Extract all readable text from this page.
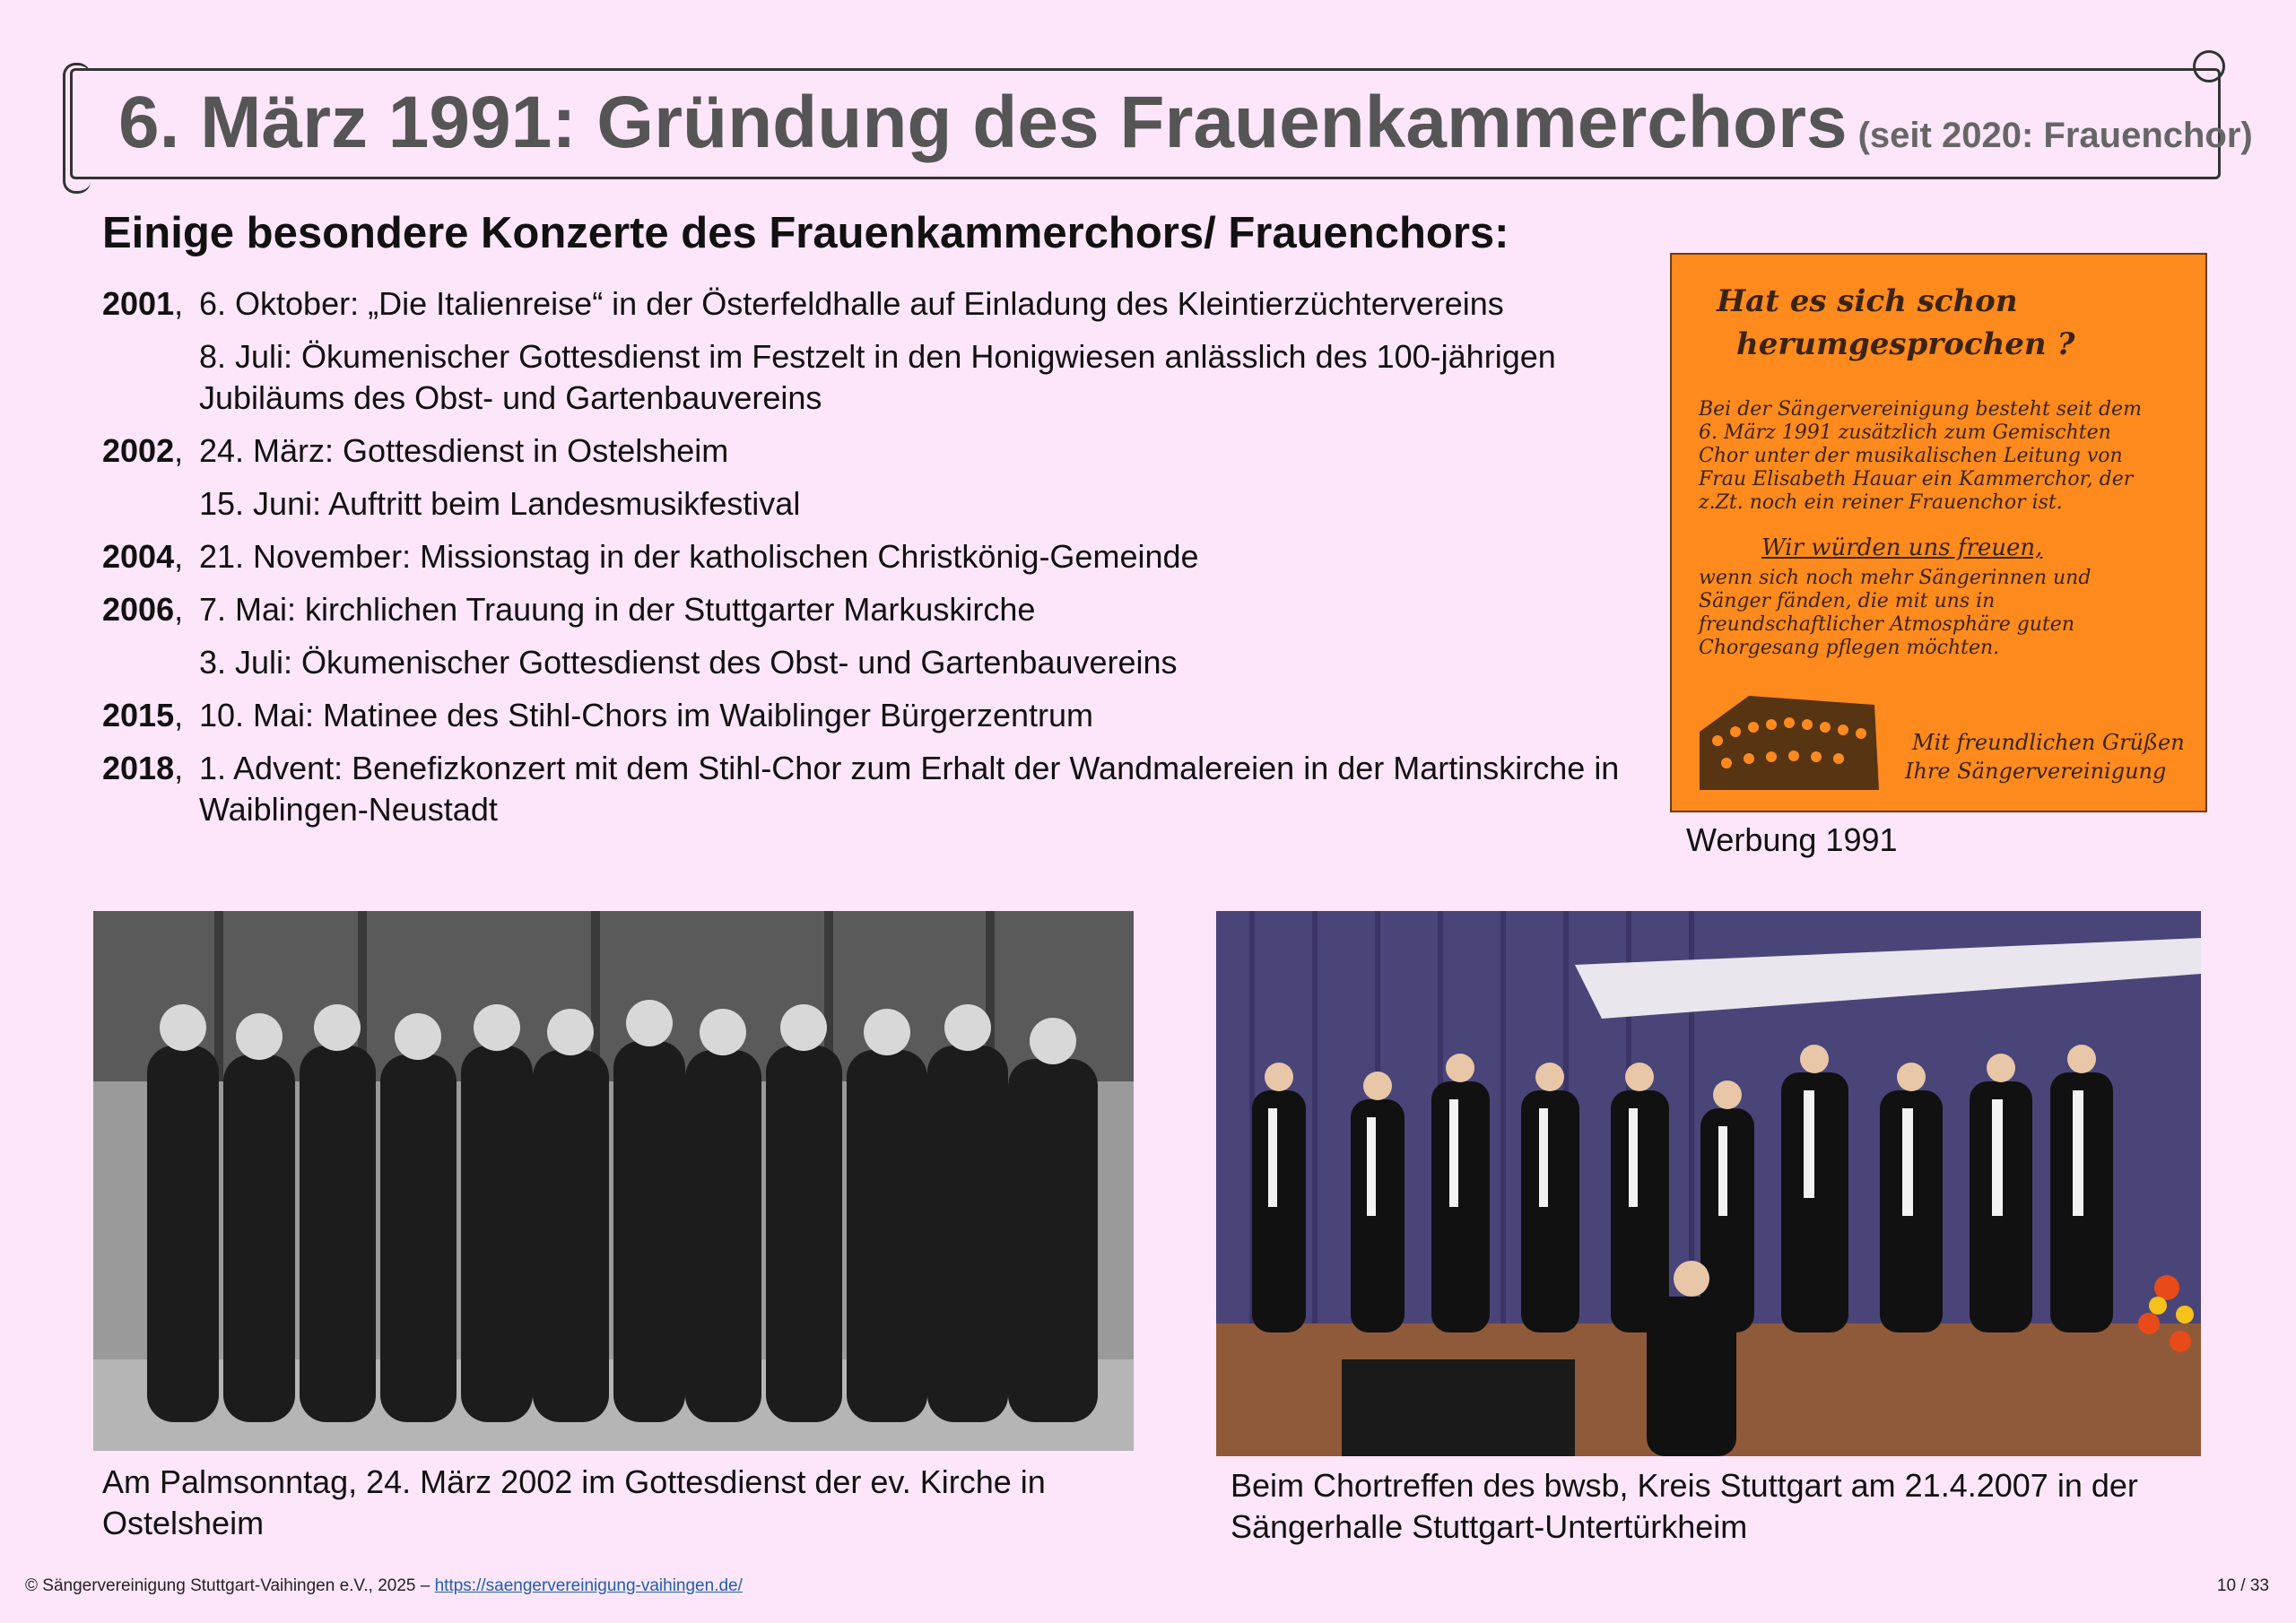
6. März 1991: Gründung des Frauenkammerchors (seit 2020: Frauenchor)
Einige besondere Konzerte des Frauenkammerchors/ Frauenchors:
2001, 6. Oktober: „Die Italienreise“ in der Österfeldhalle auf Einladung des Kleintierzüchtervereins
8. Juli: Ökumenischer Gottesdienst im Festzelt in den Honigwiesen anlässlich des 100-jährigen Jubiläums des Obst- und Gartenbauvereins
2002, 24. März: Gottesdienst in Ostelsheim
15. Juni: Auftritt beim Landesmusikfestival
2004, 21. November: Missionstag in der katholischen Christkönig-Gemeinde
2006, 7. Mai: kirchlichen Trauung in der Stuttgarter Markuskirche
3. Juli: Ökumenischer Gottesdienst des Obst- und Gartenbauvereins
2015, 10. Mai: Matinee des Stihl-Chors im Waiblinger Bürgerzentrum
2018, 1. Advent: Benefizkonzert mit dem Stihl-Chor zum Erhalt der Wandmalereien in der Martinskirche in Waiblingen-Neustadt
Hat es sich schon
herumgesprochen ?
Bei der Sängervereinigung besteht seit dem 6. März 1991 zusätzlich zum Gemischten Chor unter der musikalischen Leitung von Frau Elisabeth Hauar ein Kammerchor, der z.Zt. noch ein reiner Frauenchor ist.
Wir würden uns freuen,
wenn sich noch mehr Sängerinnen und Sänger fänden, die mit uns in freundschaftlicher Atmosphäre guten Chorgesang pflegen möchten.
Mit freundlichen Grüßen
Ihre Sängervereinigung
Werbung 1991
Am Palmsonntag, 24. März 2002 im Gottesdienst der ev. Kirche in Ostelsheim
Beim Chortreffen des bwsb, Kreis Stuttgart am 21.4.2007 in der Sängerhalle Stuttgart-Untertürkheim
© Sängervereinigung Stuttgart-Vaihingen e.V., 2025 – https://saengervereinigung-vaihingen.de/	10 / 33
